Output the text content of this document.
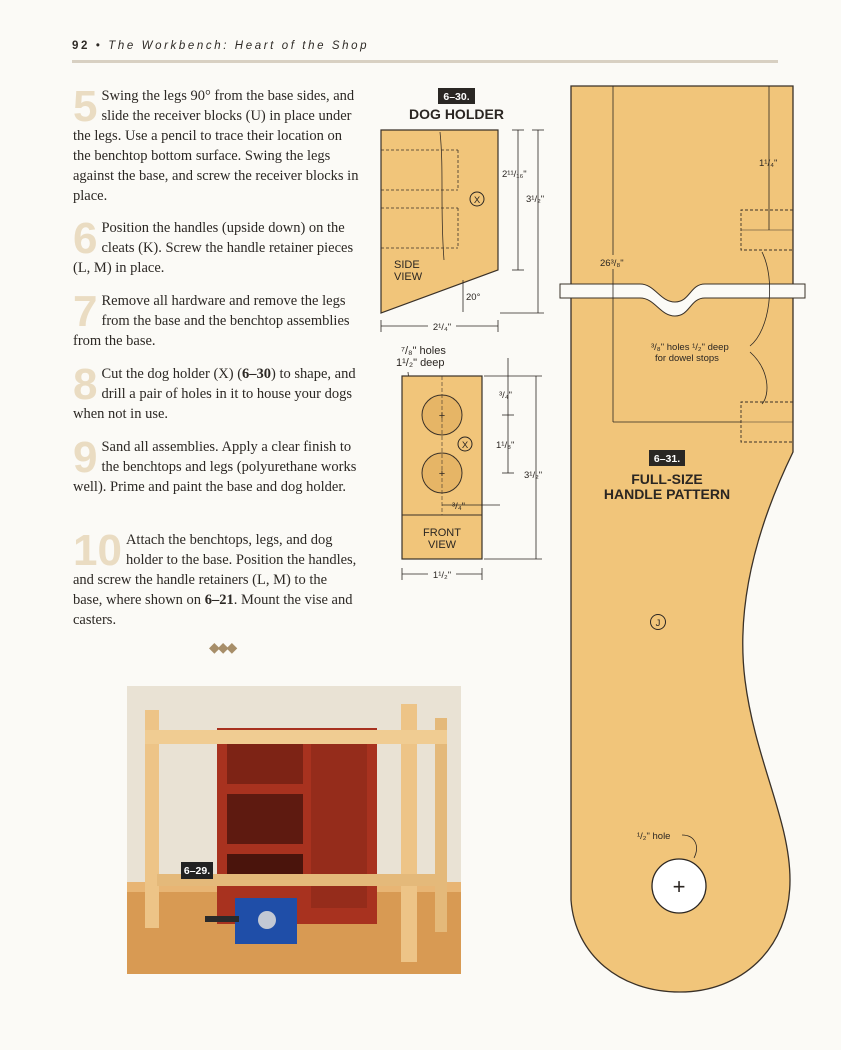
92 • The Workbench: Heart of the Shop
5 Swing the legs 90° from the base sides, and slide the receiver blocks (U) in place under the legs. Use a pencil to trace their location on the benchtop bottom surface. Swing the legs against the base, and screw the receiver blocks in place.
6 Position the handles (upside down) on the cleats (K). Screw the handle retainer pieces (L, M) in place.
7 Remove all hardware and remove the legs from the base and the benchtop assemblies from the base.
8 Cut the dog holder (X) (6–30) to shape, and drill a pair of holes in it to house your dogs when not in use.
9 Sand all assemblies. Apply a clear finish to the benchtops and legs (polyurethane works well). Prime and paint the base and dog holder.
10 Attach the benchtops, legs, and dog holder to the base. Position the handles, and screw the handle retainers (L, M) to the base, where shown on 6–21. Mount the vise and casters.
◆◆◆
6–29.
6–30.
DOG HOLDER
X
SIDE
VIEW
2¹¹/₁₆"
3¹/₂"
20°
2¹/₄"
⁷/₈" holes
1¹/₂" deep
+
+
X
FRONT
VIEW
³/₄"
³/₄"
1¹/₈"
3¹/₂"
1¹/₂"
26³/₈"
1¹/₄"
³/₈" holes ¹/₂" deep
for dowel stops
6–31.
FULL-SIZE
HANDLE PATTERN
J
¹/₂" hole
+
